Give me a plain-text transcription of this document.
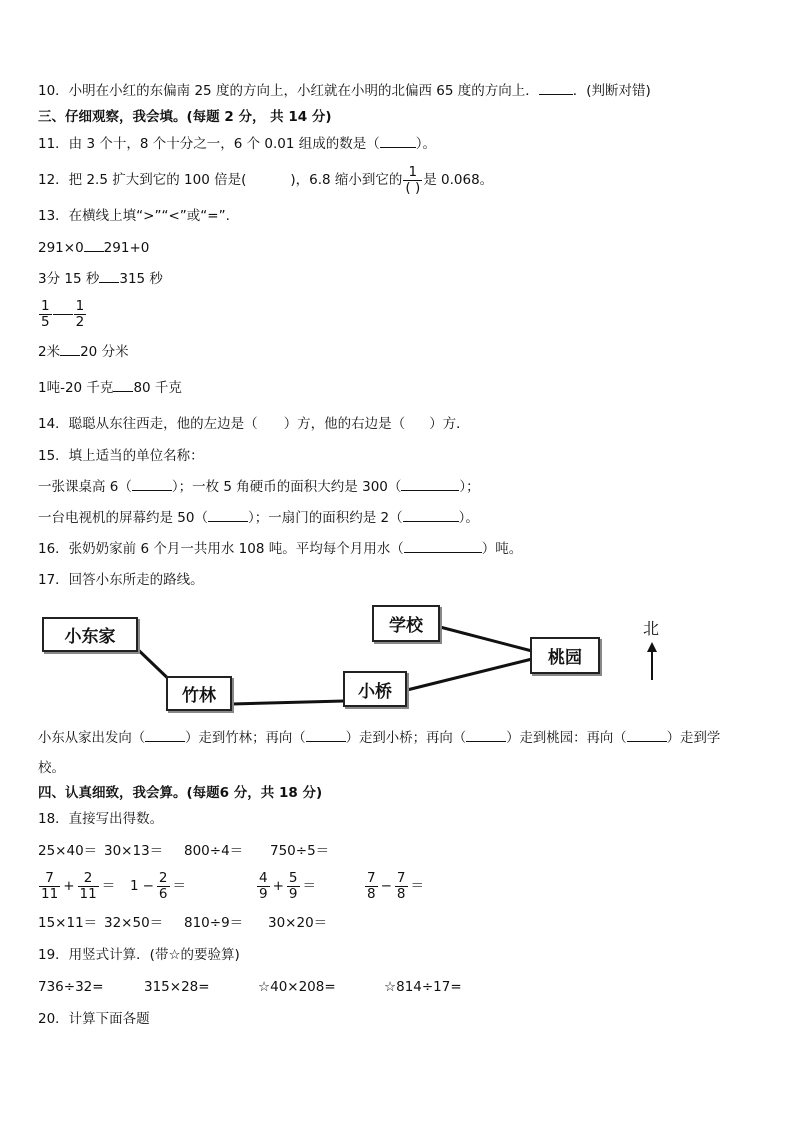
10．小明在小红的东偏南 25 度的方向上，小红就在小明的北偏西 65 度的方向上．	．(判断对错)
三、仔细观察，我会填。(每题 2 分， 共 14 分)
11．由 3 个十，8 个十分之一，6 个 0.01 组成的数是（	）。
12．把 2.5 扩大到它的 100 倍是(	)，6.8 缩小到它的 $\frac{1}{( )}$ 是 0.068。
13．在横线上填“>”“<”或“=”.
291×0 291+0
3分 15 秒 315 秒
$\frac{1}{5} \frac{1}{2}$
2米 20 分米
1吨-20 千克 80 千克
14．聪聪从东往西走，他的左边是（ ）方，他的右边是（ ）方．
15．填上适当的单位名称：
一张课桌高 6（	）；一枚 5 角硬币的面积大约是 300（	）；
一台电视机的屏幕约是 50（	）；一扇门的面积约是 2（	）。
16．张奶奶家前 6 个月一共用水 108 吨。平均每个月用水（	）吨。
17．回答小东所走的路线。
小东家
竹林	小桥
学校
桃园
北
小东从家出发向（	）走到竹林；再向（	）走到小桥；再向（	）走到桃园：再向（	）走到学
校。
四、认真细致，我会算。(每题6 分，共 18 分)
18．直接写出得数。
25×40＝ 30×13＝ 800÷4＝ 750÷5＝
$\frac{7}{11} + \frac{2}{11} = 1 - \frac{2}{6}$ ＝	$\frac{4}{9} + \frac{5}{9}$ ＝	$\frac{7}{8} - \frac{7}{8}$ ＝
15×11＝ 32×50＝ 810÷9＝ 30×20＝
19．用竖式计算．(带☆的要验算)
736÷32=	315×28=	☆40×208=	☆814÷17=
20．计算下面各题
